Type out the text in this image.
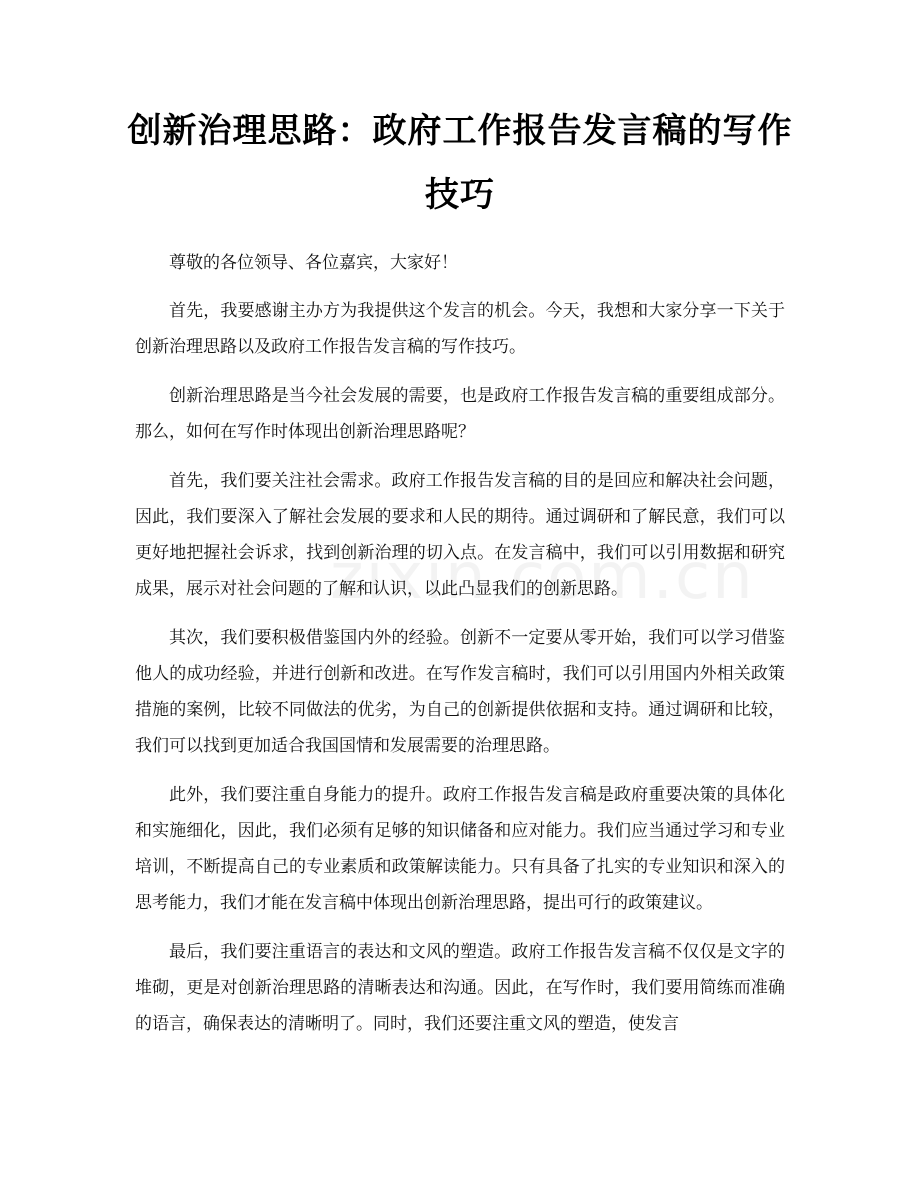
创新治理思路：政府工作报告发言稿的写作技巧

尊敬的各位领导、各位嘉宾，大家好！

首先，我要感谢主办方为我提供这个发言的机会。今天，我想和大家分享一下关于创新治理思路以及政府工作报告发言稿的写作技巧。

创新治理思路是当今社会发展的需要，也是政府工作报告发言稿的重要组成部分。那么，如何在写作时体现出创新治理思路呢？

首先，我们要关注社会需求。政府工作报告发言稿的目的是回应和解决社会问题，因此，我们要深入了解社会发展的要求和人民的期待。通过调研和了解民意，我们可以更好地把握社会诉求，找到创新治理的切入点。在发言稿中，我们可以引用数据和研究成果，展示对社会问题的了解和认识，以此凸显我们的创新思路。

其次，我们要积极借鉴国内外的经验。创新不一定要从零开始，我们可以学习借鉴他人的成功经验，并进行创新和改进。在写作发言稿时，我们可以引用国内外相关政策措施的案例，比较不同做法的优劣，为自己的创新提供依据和支持。通过调研和比较，我们可以找到更加适合我国国情和发展需要的治理思路。

此外，我们要注重自身能力的提升。政府工作报告发言稿是政府重要决策的具体化和实施细化，因此，我们必须有足够的知识储备和应对能力。我们应当通过学习和专业培训，不断提高自己的专业素质和政策解读能力。只有具备了扎实的专业知识和深入的思考能力，我们才能在发言稿中体现出创新治理思路，提出可行的政策建议。

最后，我们要注重语言的表达和文风的塑造。政府工作报告发言稿不仅仅是文字的堆砌，更是对创新治理思路的清晰表达和沟通。因此，在写作时，我们要用简练而准确的语言，确保表达的清晰明了。同时，我们还要注重文风的塑造，使发言
